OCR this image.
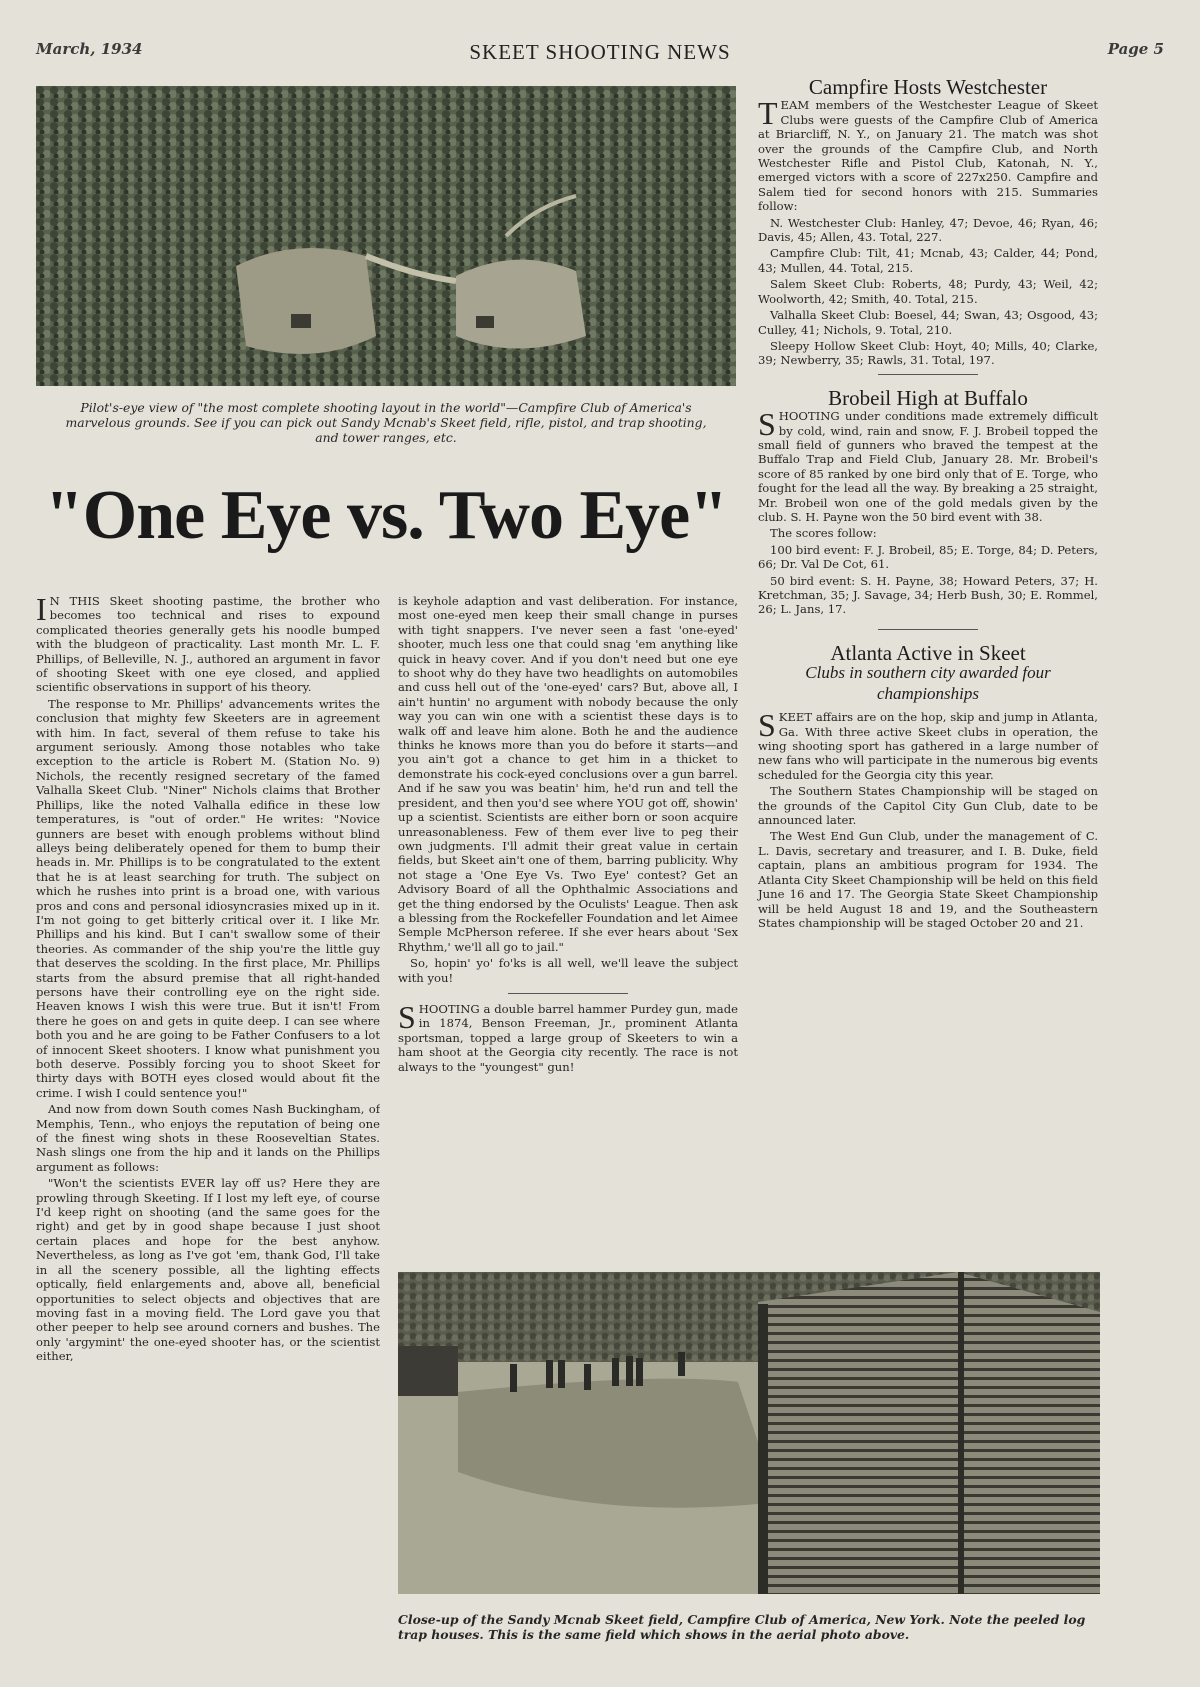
March, 1934	SKEET SHOOTING NEWS	Page 5
Pilot's-eye view of "the most complete shooting layout in the world"—Campfire Club of America's marvelous grounds. See if you can pick out Sandy Mcnab's Skeet field, rifle, pistol, and trap shooting, and tower ranges, etc.
"One Eye vs. Two Eye"

I N THIS Skeet shooting pastime, the brother who becomes too technical and rises to expound complicated theories generally gets his noodle bumped with the bludgeon of practicality. Last month Mr. L. F. Phillips, of Belleville, N. J., authored an argument in favor of shooting Skeet with one eye closed, and applied scientific observations in support of his theory.

The response to Mr. Phillips' advancements writes the conclusion that mighty few Skeeters are in agreement with him. In fact, several of them refuse to take his argument seriously. Among those notables who take exception to the article is Robert M. (Station No. 9) Nichols, the recently resigned secretary of the famed Valhalla Skeet Club. "Niner" Nichols claims that Brother Phillips, like the noted Valhalla edifice in these low temperatures, is "out of order." He writes: "Novice gunners are beset with enough problems without blind alleys being deliberately opened for them to bump their heads in. Mr. Phillips is to be congratulated to the extent that he is at least searching for truth. The subject on which he rushes into print is a broad one, with various pros and cons and personal idiosyncrasies mixed up in it. I'm not going to get bitterly critical over it. I like Mr. Phillips and his kind. But I can't swallow some of their theories. As commander of the ship you're the little guy that deserves the scolding. In the first place, Mr. Phillips starts from the absurd premise that all right-handed persons have their controlling eye on the right side. Heaven knows I wish this were true. But it isn't! From there he goes on and gets in quite deep. I can see where both you and he are going to be Father Confusers to a lot of innocent Skeet shooters. I know what punishment you both deserve. Possibly forcing you to shoot Skeet for thirty days with BOTH eyes closed would about fit the crime. I wish I could sentence you!"

And now from down South comes Nash Buckingham, of Memphis, Tenn., who enjoys the reputation of being one of the finest wing shots in these Rooseveltian States. Nash slings one from the hip and it lands on the Phillips argument as follows:

"Won't the scientists EVER lay off us? Here they are prowling through Skeeting. If I lost my left eye, of course I'd keep right on shooting (and the same goes for the right) and get by in good shape because I just shoot certain places and hope for the best anyhow. Nevertheless, as long as I've got 'em, thank God, I'll take in all the scenery possible, all the lighting effects optically, field enlargements and, above all, beneficial opportunities to select objects and objectives that are moving fast in a moving field. The Lord gave you that other peeper to help see around corners and bushes. The only 'argymint' the one-eyed shooter has, or the scientist either,

is keyhole adaption and vast deliberation. For instance, most one-eyed men keep their small change in purses with tight snappers. I've never seen a fast 'one-eyed' shooter, much less one that could snag 'em anything like quick in heavy cover. And if you don't need but one eye to shoot why do they have two headlights on automobiles and cuss hell out of the 'one-eyed' cars? But, above all, I ain't huntin' no argument with nobody because the only way you can win one with a scientist these days is to walk off and leave him alone. Both he and the audience thinks he knows more than you do before it starts—and you ain't got a chance to get him in a thicket to demonstrate his cock-eyed conclusions over a gun barrel. And if he saw you was beatin' him, he'd run and tell the president, and then you'd see where YOU got off, showin' up a scientist. Scientists are either born or soon acquire unreasonableness. Few of them ever live to peg their own judgments. I'll admit their great value in certain fields, but Skeet ain't one of them, barring publicity. Why not stage a 'One Eye Vs. Two Eye' contest? Get an Advisory Board of all the Ophthalmic Associations and get the thing endorsed by the Oculists' League. Then ask a blessing from the Rockefeller Foundation and let Aimee Semple McPherson referee. If she ever hears about 'Sex Rhythm,' we'll all go to jail."

So, hopin' yo' fo'ks is all well, we'll leave the subject with you!

SHOOTING a double barrel hammer Purdey gun, made in 1874, Benson Freeman, Jr., prominent Atlanta sportsman, topped a large group of Skeeters to win a ham shoot at the Georgia city recently. The race is not always to the "youngest" gun!

Campfire Hosts Westchester

TEAM members of the Westchester League of Skeet Clubs were guests of the Campfire Club of America at Briarcliff, N. Y., on January 21. The match was shot over the grounds of the Campfire Club, and North Westchester Rifle and Pistol Club, Katonah, N. Y., emerged victors with a score of 227x250. Campfire and Salem tied for second honors with 215. Summaries follow:

N. Westchester Club: Hanley, 47; Devoe, 46; Ryan, 46; Davis, 45; Allen, 43. Total, 227.

Campfire Club: Tilt, 41; Mcnab, 43; Calder, 44; Pond, 43; Mullen, 44. Total, 215.

Salem Skeet Club: Roberts, 48; Purdy, 43; Weil, 42; Woolworth, 42; Smith, 40. Total, 215.

Valhalla Skeet Club: Boesel, 44; Swan, 43; Osgood, 43; Culley, 41; Nichols, 9. Total, 210.

Sleepy Hollow Skeet Club: Hoyt, 40; Mills, 40; Clarke, 39; Newberry, 35; Rawls, 31. Total, 197.

Brobeil High at Buffalo

SHOOTING under conditions made extremely difficult by cold, wind, rain and snow, F. J. Brobeil topped the small field of gunners who braved the tempest at the Buffalo Trap and Field Club, January 28. Mr. Brobeil's score of 85 ranked by one bird only that of E. Torge, who fought for the lead all the way. By breaking a 25 straight, Mr. Brobeil won one of the gold medals given by the club. S. H. Payne won the 50 bird event with 38.

The scores follow:

100 bird event: F. J. Brobeil, 85; E. Torge, 84; D. Peters, 66; Dr. Val De Cot, 61.

50 bird event: S. H. Payne, 38; Howard Peters, 37; H. Kretchman, 35; J. Savage, 34; Herb Bush, 30; E. Rommel, 26; L. Jans, 17.

Atlanta Active in Skeet
Clubs in southern city awarded four championships

SKEET affairs are on the hop, skip and jump in Atlanta, Ga. With three active Skeet clubs in operation, the wing shooting sport has gathered in a large number of new fans who will participate in the numerous big events scheduled for the Georgia city this year.

The Southern States Championship will be staged on the grounds of the Capitol City Gun Club, date to be announced later.

The West End Gun Club, under the management of C. L. Davis, secretary and treasurer, and I. B. Duke, field captain, plans an ambitious program for 1934. The Atlanta City Skeet Championship will be held on this field June 16 and 17. The Georgia State Skeet Championship will be held August 18 and 19, and the Southeastern States championship will be staged October 20 and 21.

Close-up of the Sandy Mcnab Skeet field, Campfire Club of America, New York. Note the peeled log trap houses. This is the same field which shows in the aerial photo above.
